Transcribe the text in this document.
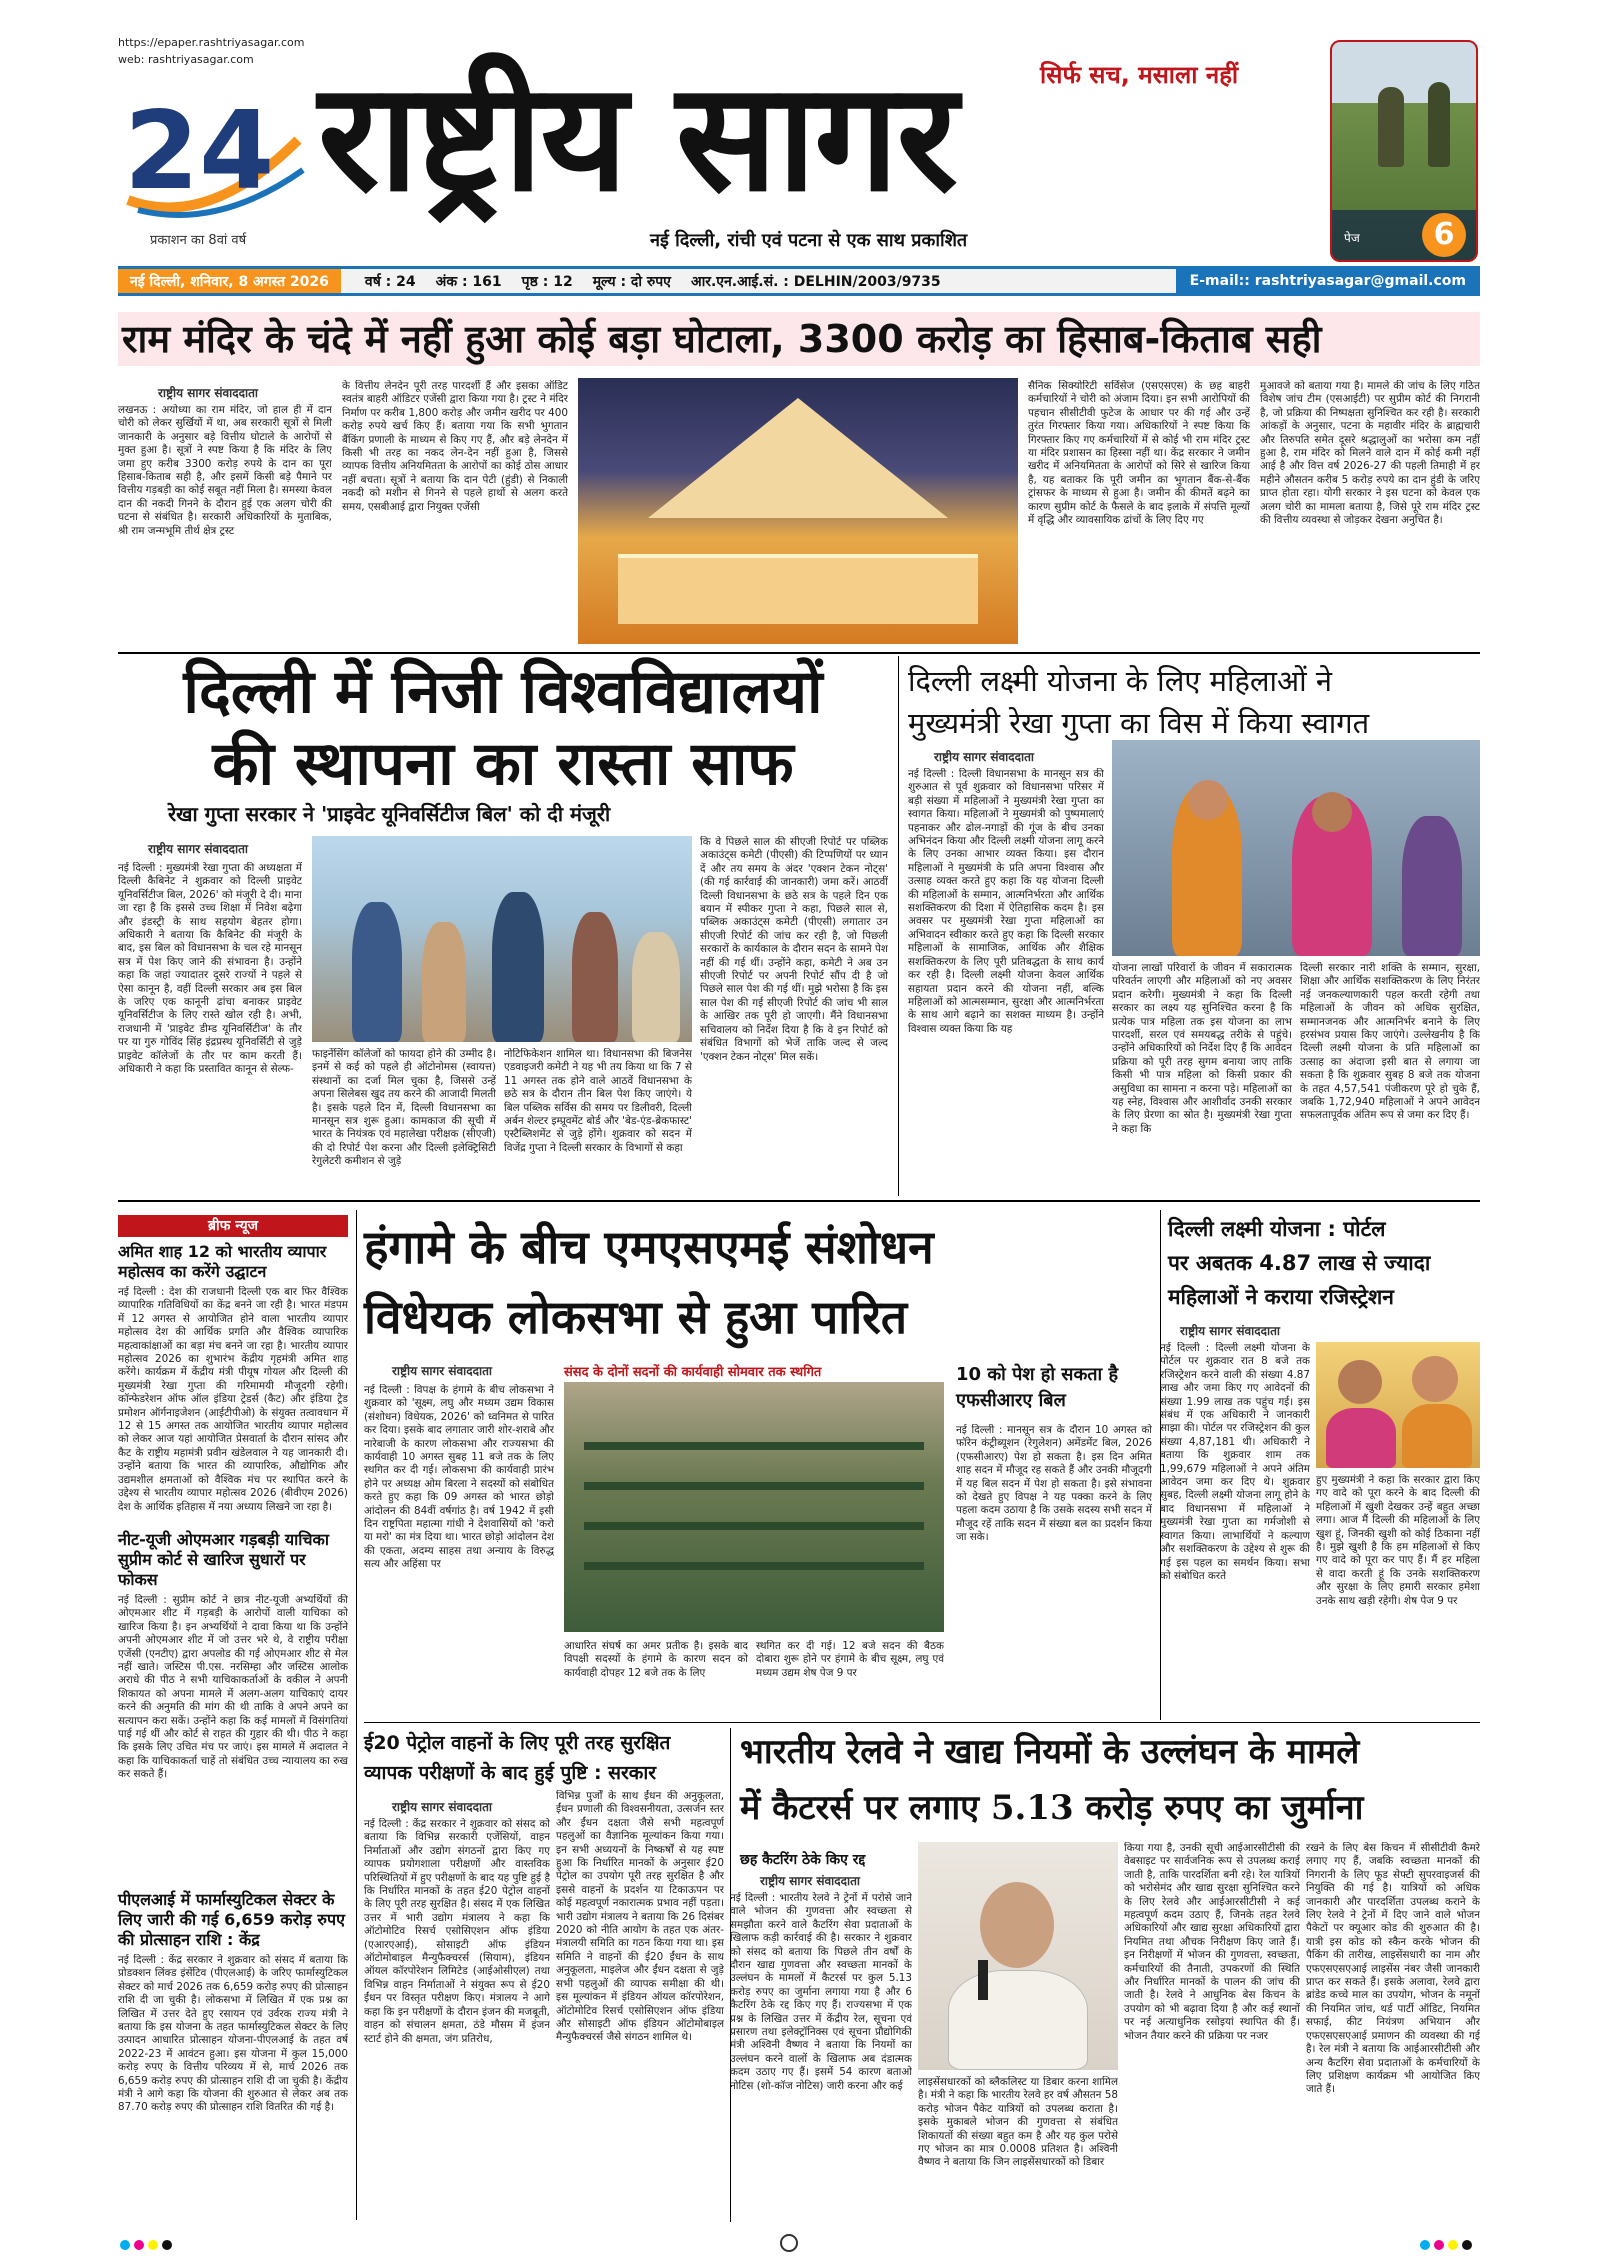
https://epaper.rashtriyasagar.com
web: rashtriyasagar.com
24
प्रकाशन का 8वां वर्ष
राष्ट्रीय सागर	सिर्फ सच, मसाला नहीं
नई दिल्ली, रांची एवं पटना से एक साथ प्रकाशित	पेज	6
नई दिल्ली, शनिवार, 8 अगस्त 2026	वर्ष : 24 अंक : 161 पृष्ठ : 12 मूल्य : दो रुपए आर.एन.आई.सं. : DELHIN/2003/9735	E-mail:: rashtriyasagar@gmail.com
राम मंदिर के चंदे में नहीं हुआ कोई बड़ा घोटाला, 3300 करोड़ का हिसाब-किताब सही
राष्ट्रीय सागर संवाददाता
लखनऊ : अयोध्या का राम मंदिर, जो हाल ही में दान चोरी को लेकर सुर्खियों में था, अब सरकारी सूत्रों से मिली जानकारी के अनुसार बड़े वित्तीय घोटाले के आरोपों से मुक्त हुआ है। सूत्रों ने स्पष्ट किया है कि मंदिर के लिए जमा हुए करीब 3300 करोड़ रुपये के दान का पूरा हिसाब-किताब सही है, और इसमें किसी बड़े पैमाने पर वित्तीय गड़बड़ी का कोई सबूत नहीं मिला है। समस्या केवल दान की नकदी गिनने के दौरान हुई एक अलग चोरी की घटना से संबंधित है। सरकारी अधिकारियों के मुताबिक, श्री राम जन्मभूमि तीर्थ क्षेत्र ट्रस्ट
के वित्तीय लेनदेन पूरी तरह पारदर्शी हैं और इसका ऑडिट स्वतंत्र बाहरी ऑडिटर एजेंसी द्वारा किया गया है। ट्रस्ट ने मंदिर निर्माण पर करीब 1,800 करोड़ और जमीन खरीद पर 400 करोड़ रुपये खर्च किए हैं। बताया गया कि सभी भुगतान बैंकिंग प्रणाली के माध्यम से किए गए हैं, और बड़े लेनदेन में किसी भी तरह का नकद लेन-देन नहीं हुआ है, जिससे व्यापक वित्तीय अनियमितता के आरोपों का कोई ठोस आधार नहीं बचता। सूत्रों ने बताया कि दान पेटी (हुंडी) से निकाली नकदी को मशीन से गिनने से पहले हाथों से अलग करते समय, एसबीआई द्वारा नियुक्त एजेंसी
सैनिक सिक्योरिटी सर्विसेज (एसएसएस) के छह बाहरी कर्मचारियों ने चोरी को अंजाम दिया। इन सभी आरोपियों की पहचान सीसीटीवी फुटेज के आधार पर की गई और उन्हें तुरंत गिरफ्तार किया गया। अधिकारियों ने स्पष्ट किया कि गिरफ्तार किए गए कर्मचारियों में से कोई भी राम मंदिर ट्रस्ट या मंदिर प्रशासन का हिस्सा नहीं था। केंद्र सरकार ने जमीन खरीद में अनियमितता के आरोपों को सिरे से खारिज किया है, यह बताकर कि पूरी जमीन का भुगतान बैंक-से-बैंक ट्रांसफर के माध्यम से हुआ है। जमीन की कीमतें बढ़ने का कारण सुप्रीम कोर्ट के फैसले के बाद इलाके में संपत्ति मूल्यों में वृद्धि और व्यावसायिक ढांचों के लिए दिए गए
मुआवजे को बताया गया है। मामले की जांच के लिए गठित विशेष जांच टीम (एसआईटी) पर सुप्रीम कोर्ट की निगरानी है, जो प्रक्रिया की निष्पक्षता सुनिश्चित कर रही है। सरकारी आंकड़ों के अनुसार, पटना के महावीर मंदिर के ब्राह्मचारी और तिरुपति समेत दूसरे श्रद्धालुओं का भरोसा कम नहीं हुआ है, राम मंदिर को मिलने वाले दान में कोई कमी नहीं आई है और वित्त वर्ष 2026-27 की पहली तिमाही में हर महीने औसतन करीब 5 करोड़ रुपये का दान हुंडी के जरिए प्राप्त होता रहा। योगी सरकार ने इस घटना को केवल एक अलग चोरी का मामला बताया है, जिसे पूरे राम मंदिर ट्रस्ट की वित्तीय व्यवस्था से जोड़कर देखना अनुचित है।
दिल्ली में निजी विश्वविद्यालयों
की स्थापना का रास्ता साफ
रेखा गुप्ता सरकार ने 'प्राइवेट यूनिवर्सिटीज बिल' को दी मंजूरी
राष्ट्रीय सागर संवाददाता
नई दिल्ली : मुख्यमंत्री रेखा गुप्ता की अध्यक्षता में दिल्ली कैबिनेट ने शुक्रवार को दिल्ली प्राइवेट यूनिवर्सिटीज बिल, 2026' को मंजूरी दे दी। माना जा रहा है कि इससे उच्च शिक्षा में निवेश बढ़ेगा और इंडस्ट्री के साथ सहयोग बेहतर होगा। अधिकारी ने बताया कि कैबिनेट की मंजूरी के बाद, इस बिल को विधानसभा के चल रहे मानसून सत्र में पेश किए जाने की संभावना है। उन्होंने कहा कि जहां ज्यादातर दूसरे राज्यों ने पहले से ऐसा कानून है, वहीं दिल्ली सरकार अब इस बिल के जरिए एक कानूनी ढांचा बनाकर प्राइवेट यूनिवर्सिटीज के लिए रास्ते खोल रही है। अभी, राजधानी में 'प्राइवेट डीम्ड यूनिवर्सिटीज' के तौर पर या गुरु गोविंद सिंह इंद्रप्रस्थ यूनिवर्सिटी से जुड़े प्राइवेट कॉलेजों के तौर पर काम करती हैं। अधिकारी ने कहा कि प्रस्तावित कानून से सेल्फ-
फाइनेंसिंग कॉलेजों को फायदा होने की उम्मीद है। इनमें से कई को पहले ही ऑटोनोमस (स्वायत्त) संस्थानों का दर्जा मिल चुका है, जिससे उन्हें अपना सिलेबस खुद तय करने की आजादी मिलती है। इसके पहले दिन में, दिल्ली विधानसभा का मानसून सत्र शुरू हुआ। कामकाज की सूची में भारत के नियंत्रक एवं महालेखा परीक्षक (सीएजी) की दो रिपोर्ट पेश करना और दिल्ली इलेक्ट्रिसिटी रेगुलेटरी कमीशन से जुड़े
नोटिफिकेशन शामिल था। विधानसभा की बिजनेस एडवाइजरी कमेटी ने यह भी तय किया था कि 7 से 11 अगस्त तक होने वाले आठवें विधानसभा के छठे सत्र के दौरान तीन बिल पेश किए जाएंगे। ये बिल पब्लिक सर्विस की समय पर डिलीवरी, दिल्ली अर्बन शेल्टर इम्प्रूवमेंट बोर्ड और 'बेड-एंड-ब्रेकफास्ट' एस्टैब्लिशमेंट से जुड़े होंगे। शुक्रवार को सदन में विजेंद्र गुप्ता ने दिल्ली सरकार के विभागों से कहा
कि वे पिछले साल की सीएजी रिपोर्ट पर पब्लिक अकाउंट्स कमेटी (पीएसी) की टिप्पणियों पर ध्यान दें और तय समय के अंदर 'एक्शन टेकन नोट्स' (की गई कार्रवाई की जानकारी) जमा करें। आठवीं दिल्ली विधानसभा के छठे सत्र के पहले दिन एक बयान में स्पीकर गुप्ता ने कहा, पिछले साल से, पब्लिक अकाउंट्स कमेटी (पीएसी) लगातार उन सीएजी रिपोर्ट की जांच कर रही है, जो पिछली सरकारों के कार्यकाल के दौरान सदन के सामने पेश नहीं की गई थीं। उन्होंने कहा, कमेटी ने अब उन सीएजी रिपोर्ट पर अपनी रिपोर्ट सौंप दी है जो पिछले साल पेश की गई थीं। मुझे भरोसा है कि इस साल पेश की गई सीएजी रिपोर्ट की जांच भी साल के आखिर तक पूरी हो जाएगी। मैंने विधानसभा सचिवालय को निर्देश दिया है कि वे इन रिपोर्ट को संबंधित विभागों को भेजें ताकि जल्द से जल्द 'एक्शन टेकन नोट्स' मिल सकें।
दिल्ली लक्ष्मी योजना के लिए महिलाओं ने
मुख्यमंत्री रेखा गुप्ता का विस में किया स्वागत
राष्ट्रीय सागर संवाददाता
नई दिल्ली : दिल्ली विधानसभा के मानसून सत्र की शुरुआत से पूर्व शुक्रवार को विधानसभा परिसर में बड़ी संख्या में महिलाओं ने मुख्यमंत्री रेखा गुप्ता का स्वागत किया। महिलाओं ने मुख्यमंत्री को पुष्पमालाएं पहनाकर और ढोल-नगाड़ों की गूंज के बीच उनका अभिनंदन किया और दिल्ली लक्ष्मी योजना लागू करने के लिए उनका आभार व्यक्त किया। इस दौरान महिलाओं ने मुख्यमंत्री के प्रति अपना विश्वास और उत्साह व्यक्त करते हुए कहा कि यह योजना दिल्ली की महिलाओं के सम्मान, आत्मनिर्भरता और आर्थिक सशक्तिकरण की दिशा में ऐतिहासिक कदम है। इस अवसर पर मुख्यमंत्री रेखा गुप्ता महिलाओं का अभिवादन स्वीकार करते हुए कहा कि दिल्ली सरकार महिलाओं के सामाजिक, आर्थिक और शैक्षिक सशक्तिकरण के लिए पूरी प्रतिबद्धता के साथ कार्य कर रही है। दिल्ली लक्ष्मी योजना केवल आर्थिक सहायता प्रदान करने की योजना नहीं, बल्कि महिलाओं को आत्मसम्मान, सुरक्षा और आत्मनिर्भरता के साथ आगे बढ़ाने का सशक्त माध्यम है। उन्होंने विश्वास व्यक्त किया कि यह
योजना लाखों परिवारों के जीवन में सकारात्मक परिवर्तन लाएगी और महिलाओं को नए अवसर प्रदान करेगी। मुख्यमंत्री ने कहा कि दिल्ली सरकार का लक्ष्य यह सुनिश्चित करना है कि प्रत्येक पात्र महिला तक इस योजना का लाभ पारदर्शी, सरल एवं समयबद्ध तरीके से पहुंचे। उन्होंने अधिकारियों को निर्देश दिए हैं कि आवेदन प्रक्रिया को पूरी तरह सुगम बनाया जाए ताकि किसी भी पात्र महिला को किसी प्रकार की असुविधा का सामना न करना पड़े। महिलाओं का यह स्नेह, विश्वास और आशीर्वाद उनकी सरकार के लिए प्रेरणा का स्रोत है। मुख्यमंत्री रेखा गुप्ता ने कहा कि
दिल्ली सरकार नारी शक्ति के सम्मान, सुरक्षा, शिक्षा और आर्थिक सशक्तिकरण के लिए निरंतर नई जनकल्याणकारी पहल करती रहेगी तथा महिलाओं के जीवन को अधिक सुरक्षित, सम्मानजनक और आत्मनिर्भर बनाने के लिए हरसंभव प्रयास किए जाएंगे। उल्लेखनीय है कि दिल्ली लक्ष्मी योजना के प्रति महिलाओं का उत्साह का अंदाजा इसी बात से लगाया जा सकता है कि शुक्रवार सुबह 8 बजे तक योजना के तहत 4,57,541 पंजीकरण पूरे हो चुके हैं, जबकि 1,72,940 महिलाओं ने अपने आवेदन सफलतापूर्वक अंतिम रूप से जमा कर दिए हैं।
ब्रीफ न्यूज
अमित शाह 12 को भारतीय व्यापार महोत्सव का करेंगे उद्घाटन
नई दिल्ली : देश की राजधानी दिल्ली एक बार फिर वैश्विक व्यापारिक गतिविधियों का केंद्र बनने जा रही है। भारत मंडपम में 12 अगस्त से आयोजित होने वाला भारतीय व्यापार महोत्सव देश की आर्थिक प्रगति और वैश्विक व्यापारिक महत्वाकांक्षाओं का बड़ा मंच बनने जा रहा है। भारतीय व्यापार महोत्सव 2026 का शुभारंभ केंद्रीय गृहमंत्री अमित शाह करेंगे। कार्यक्रम में केंद्रीय मंत्री पीयूष गोयल और दिल्ली की मुख्यमंत्री रेखा गुप्ता की गरिमामयी मौजूदगी रहेगी। कॉन्फेडरेशन ऑफ ऑल इंडिया ट्रेडर्स (कैट) और इंडिया ट्रेड प्रमोशन ऑर्गनाइजेशन (आईटीपीओ) के संयुक्त तत्वावधान में 12 से 15 अगस्त तक आयोजित भारतीय व्यापार महोत्सव को लेकर आज यहां आयोजित प्रेसवार्ता के दौरान सांसद और कैट के राष्ट्रीय महामंत्री प्रवीन खंडेलवाल ने यह जानकारी दी। उन्होंने बताया कि भारत की व्यापारिक, औद्योगिक और उद्यमशील क्षमताओं को वैश्विक मंच पर स्थापित करने के उद्देश्य से भारतीय व्यापार महोत्सव 2026 (बीवीएम 2026) देश के आर्थिक इतिहास में नया अध्याय लिखने जा रहा है।
नीट-यूजी ओएमआर गड़बड़ी याचिका सुप्रीम कोर्ट से खारिज सुधारों पर फोकस
नई दिल्ली : सुप्रीम कोर्ट ने छात्र नीट-यूजी अभ्यर्थियों की ओएमआर शीट में गड़बड़ी के आरोपों वाली याचिका को खारिज किया है। इन अभ्यर्थियों ने दावा किया था कि उन्होंने अपनी ओएमआर शीट में जो उत्तर भरे थे, वे राष्ट्रीय परीक्षा एजेंसी (एनटीए) द्वारा अपलोड की गई ओएमआर शीट से मेल नहीं खाते। जस्टिस पी.एस. नरसिम्हा और जस्टिस आलोक अराधे की पीठ ने सभी याचिकाकर्ताओं के वकील ने अपनी शिकायत को अपना मामले में अलग-अलग याचिकाएं दायर करने की अनुमति की मांग की थी ताकि वे अपने अपने का सत्यापन करा सकें। उन्होंने कहा कि कई मामलों में विसंगतियां पाई गई थीं और कोर्ट से राहत की गुहार की थी। पीठ ने कहा कि इसके लिए उचित मंच पर जाएं। इस मामले में अदालत ने कहा कि याचिकाकर्ता चाहें तो संबंधित उच्च न्यायालय का रुख कर सकते हैं।
पीएलआई में फार्मास्युटिकल सेक्टर के लिए जारी की गई 6,659 करोड़ रुपए की प्रोत्साहन राशि : केंद्र
नई दिल्ली : केंद्र सरकार ने शुक्रवार को संसद में बताया कि प्रोडक्शन लिंक्ड इंसेंटिव (पीएलआई) के जरिए फार्मास्युटिकल सेक्टर को मार्च 2026 तक 6,659 करोड़ रुपए की प्रोत्साहन राशि दी जा चुकी है। लोकसभा में लिखित में एक प्रश्न का लिखित में उत्तर देते हुए रसायन एवं उर्वरक राज्य मंत्री ने बताया कि इस योजना के तहत फार्मास्युटिकल सेक्टर के लिए उत्पादन आधारित प्रोत्साहन योजना-पीएलआई के तहत वर्ष 2022-23 में आवंटन हुआ। इस योजना में कुल 15,000 करोड़ रुपए के वित्तीय परिव्यय में से, मार्च 2026 तक 6,659 करोड़ रुपए की प्रोत्साहन राशि दी जा चुकी है। केंद्रीय मंत्री ने आगे कहा कि योजना की शुरुआत से लेकर अब तक 87.70 करोड़ रुपए की प्रोत्साहन राशि वितरित की गई है।
हंगामे के बीच एमएसएमई संशोधन
विधेयक लोकसभा से हुआ पारित
राष्ट्रीय सागर संवाददाता
नई दिल्ली : विपक्ष के हंगामे के बीच लोकसभा ने शुक्रवार को 'सूक्ष्म, लघु और मध्यम उद्यम विकास (संशोधन) विधेयक, 2026' को ध्वनिमत से पारित कर दिया। इसके बाद लगातार जारी शोर-शराबे और नारेबाजी के कारण लोकसभा और राज्यसभा की कार्यवाही 10 अगस्त सुबह 11 बजे तक के लिए स्थगित कर दी गई। लोकसभा की कार्यवाही प्रारंभ होने पर अध्यक्ष ओम बिरला ने सदस्यों को संबोधित करते हुए कहा कि 09 अगस्त को भारत छोड़ो आंदोलन की 84वीं वर्षगांठ है। वर्ष 1942 में इसी दिन राष्ट्रपिता महात्मा गांधी ने देशवासियों को 'करो या मरो' का मंत्र दिया था। भारत छोड़ो आंदोलन देश की एकता, अदम्य साहस तथा अन्याय के विरुद्ध सत्य और अहिंसा पर
संसद के दोनों सदनों की कार्यवाही सोमवार तक स्थगित
आधारित संघर्ष का अमर प्रतीक है। इसके बाद विपक्षी सदस्यों के हंगामे के कारण सदन को कार्यवाही दोपहर 12 बजे तक के लिए
स्थगित कर दी गई। 12 बजे सदन की बैठक दोबारा शुरू होने पर हंगामे के बीच सूक्ष्म, लघु एवं मध्यम उद्यम शेष पेज 9 पर
10 को पेश हो सकता है एफसीआरए बिल
नई दिल्ली : मानसून सत्र के दौरान 10 अगस्त को फॉरेन कंट्रीब्यूशन (रेगुलेशन) अमेंडमेंट बिल, 2026 (एफसीआरए) पेश हो सकता है। इस दिन अमित शाह सदन में मौजूद रह सकते हैं और उनकी मौजूदगी में यह बिल सदन में पेश हो सकता है। इसे संभावना को देखते हुए विपक्ष ने यह पक्का करने के लिए पहला कदम उठाया है कि उसके सदस्य सभी सदन में मौजूद रहें ताकि सदन में संख्या बल का प्रदर्शन किया जा सके।
दिल्ली लक्ष्मी योजना : पोर्टल
पर अबतक 4.87 लाख से ज्यादा
महिलाओं ने कराया रजिस्ट्रेशन
राष्ट्रीय सागर संवाददाता
नई दिल्ली : दिल्ली लक्ष्मी योजना के पोर्टल पर शुक्रवार रात 8 बजे तक रजिस्ट्रेशन करने वाली की संख्या 4.87 लाख और जमा किए गए आवेदनों की संख्या 1.99 लाख तक पहुंच गई। इस संबंध में एक अधिकारी ने जानकारी साझा की। पोर्टल पर रजिस्ट्रेशन की कुल संख्या 4,87,181 थी। अधिकारी ने बताया कि शुक्रवार शाम तक 1,99,679 महिलाओं ने अपने अंतिम आवेदन जमा कर दिए थे। शुक्रवार सुबह, दिल्ली लक्ष्मी योजना लागू होने के बाद विधानसभा में महिलाओं ने मुख्यमंत्री रेखा गुप्ता का गर्मजोशी से स्वागत किया। लाभार्थियों ने कल्याण और सशक्तिकरण के उद्देश्य से शुरू की गई इस पहल का समर्थन किया। सभा को संबोधित करते
हुए मुख्यमंत्री ने कहा कि सरकार द्वारा किए गए वादे को पूरा करने के बाद दिल्ली की महिलाओं में खुशी देखकर उन्हें बहुत अच्छा लगा। आज मैं दिल्ली की महिलाओं के लिए खुश हूं, जिनकी खुशी को कोई ठिकाना नहीं है। मुझे खुशी है कि हम महिलाओं से किए गए वादे को पूरा कर पाए हैं। मैं हर महिला से वादा करती हूं कि उनके सशक्तिकरण और सुरक्षा के लिए हमारी सरकार हमेशा उनके साथ खड़ी रहेगी। शेष पेज 9 पर
ई20 पेट्रोल वाहनों के लिए पूरी तरह सुरक्षित
व्यापक परीक्षणों के बाद हुई पुष्टि : सरकार
राष्ट्रीय सागर संवाददाता
नई दिल्ली : केंद्र सरकार ने शुक्रवार को संसद को बताया कि विभिन्न सरकारी एजेंसियों, वाहन निर्माताओं और उद्योग संगठनों द्वारा किए गए व्यापक प्रयोगशाला परीक्षणों और वास्तविक परिस्थितियों में हुए परीक्षणों के बाद यह पुष्टि हुई है कि निर्धारित मानकों के तहत ई20 पेट्रोल वाहनों के लिए पूरी तरह सुरक्षित है। संसद में एक लिखित उत्तर में भारी उद्योग मंत्रालय ने कहा कि ऑटोमोटिव रिसर्च एसोसिएशन ऑफ इंडिया (एआरएआई), सोसाइटी ऑफ इंडियन ऑटोमोबाइल मैन्युफैक्चरर्स (सियाम), इंडियन ऑयल कॉरपोरेशन लिमिटेड (आईओसीएल) तथा विभिन्न वाहन निर्माताओं ने संयुक्त रूप से ई20 ईंधन पर विस्तृत परीक्षण किए। मंत्रालय ने आगे कहा कि इन परीक्षणों के दौरान इंजन की मजबूती, वाहन को संचालन क्षमता, ठंडे मौसम में इंजन स्टार्ट होने की क्षमता, जंग प्रतिरोध,
विभिन्न पुर्जों के साथ ईंधन की अनुकूलता, ईंधन प्रणाली की विश्वसनीयता, उत्सर्जन स्तर और ईंधन दक्षता जैसे सभी महत्वपूर्ण पहलुओं का वैज्ञानिक मूल्यांकन किया गया। इन सभी अध्ययनों के निष्कर्षों से यह स्पष्ट हुआ कि निर्धारित मानकों के अनुसार ई20 पेट्रोल का उपयोग पूरी तरह सुरक्षित है और इससे वाहनों के प्रदर्शन या टिकाऊपन पर कोई महत्वपूर्ण नकारात्मक प्रभाव नहीं पड़ता। भारी उद्योग मंत्रालय ने बताया कि 26 दिसंबर 2020 को नीति आयोग के तहत एक अंतर-मंत्रालयी समिति का गठन किया गया था। इस समिति ने वाहनों की ई20 ईंधन के साथ अनुकूलता, माइलेज और ईंधन दक्षता से जुड़े सभी पहलुओं की व्यापक समीक्षा की थी। इस मूल्यांकन में इंडियन ऑयल कॉरपोरेशन, ऑटोमोटिव रिसर्च एसोसिएशन ऑफ इंडिया और सोसाइटी ऑफ इंडियन ऑटोमोबाइल मैन्युफैक्चरर्स जैसे संगठन शामिल थे।
भारतीय रेलवे ने खाद्य नियमों के उल्लंघन के मामले
में कैटरर्स पर लगाए 5.13 करोड़ रुपए का जुर्माना
छह कैटरिंग ठेके किए रद्द
राष्ट्रीय सागर संवाददाता
नई दिल्ली : भारतीय रेलवे ने ट्रेनों में परोसे जाने वाले भोजन की गुणवत्ता और स्वच्छता से समझौता करने वाले कैटरिंग सेवा प्रदाताओं के खिलाफ कड़ी कार्रवाई की है। सरकार ने शुक्रवार को संसद को बताया कि पिछले तीन वर्षों के दौरान खाद्य गुणवत्ता और स्वच्छता मानकों के उल्लंघन के मामलों में कैटरर्स पर कुल 5.13 करोड़ रुपए का जुर्माना लगाया गया है और 6 कैटरिंग ठेके रद्द किए गए हैं। राज्यसभा में एक प्रश्न के लिखित उत्तर में केंद्रीय रेल, सूचना एवं प्रसारण तथा इलेक्ट्रॉनिक्स एवं सूचना प्रौद्योगिकी मंत्री अश्विनी वैष्णव ने बताया कि नियमों का उल्लंघन करने वालों के खिलाफ अब दंडात्मक कदम उठाए गए हैं। इसमें 54 कारण बताओ नोटिस (शो-कॉज नोटिस) जारी करना और कई	लाइसेंसधारकों को ब्लैकलिस्ट या डिबार करना शामिल है। मंत्री ने कहा कि भारतीय रेलवे हर वर्ष औसतन 58 करोड़ भोजन पैकेट यात्रियों को उपलब्ध कराता है। इसके मुकाबले भोजन की गुणवत्ता से संबंधित शिकायतों की संख्या बहुत कम है और यह कुल परोसे गए भोजन का मात्र 0.0008 प्रतिशत है। अश्विनी वैष्णव ने बताया कि जिन लाइसेंसधारकों को डिबार
किया गया है, उनकी सूची आईआरसीटीसी की वेबसाइट पर सार्वजनिक रूप से उपलब्ध कराई जाती है, ताकि पारदर्शिता बनी रहे। रेल यात्रियों को भरोसेमंद और खाद्य सुरक्षा सुनिश्चित करने के लिए रेलवे और आईआरसीटीसी ने कई महत्वपूर्ण कदम उठाए हैं, जिनके तहत रेलवे अधिकारियों और खाद्य सुरक्षा अधिकारियों द्वारा नियमित तथा औचक निरीक्षण किए जाते हैं। इन निरीक्षणों में भोजन की गुणवत्ता, स्वच्छता, कर्मचारियों की तैनाती, उपकरणों की स्थिति और निर्धारित मानकों के पालन की जांच की जाती है। रेलवे ने आधुनिक बेस किचन के उपयोग को भी बढ़ावा दिया है और कई स्थानों पर नई अत्याधुनिक रसोइयां स्थापित की हैं। भोजन तैयार करने की प्रक्रिया पर नजर
रखने के लिए बेस किचन में सीसीटीवी कैमरे लगाए गए हैं, जबकि स्वच्छता मानकों की निगरानी के लिए फूड सेफ्टी सुपरवाइजर्स की नियुक्ति की गई है। यात्रियों को अधिक जानकारी और पारदर्शिता उपलब्ध कराने के लिए रेलवे ने ट्रेनों में दिए जाने वाले भोजन पैकेटों पर क्यूआर कोड की शुरुआत की है। यात्री इस कोड को स्कैन करके भोजन की पैकिंग की तारीख, लाइसेंसधारी का नाम और एफएसएसएआई लाइसेंस नंबर जैसी जानकारी प्राप्त कर सकते हैं। इसके अलावा, रेलवे द्वारा ब्रांडेड कच्चे माल का उपयोग, भोजन के नमूनों की नियमित जांच, थर्ड पार्टी ऑडिट, नियमित सफाई, कीट नियंत्रण अभियान और एफएसएसएआई प्रमाणन की व्यवस्था की गई है। रेल मंत्री ने बताया कि आईआरसीटीसी और अन्य कैटरिंग सेवा प्रदाताओं के कर्मचारियों के लिए प्रशिक्षण कार्यक्रम भी आयोजित किए जाते हैं।
